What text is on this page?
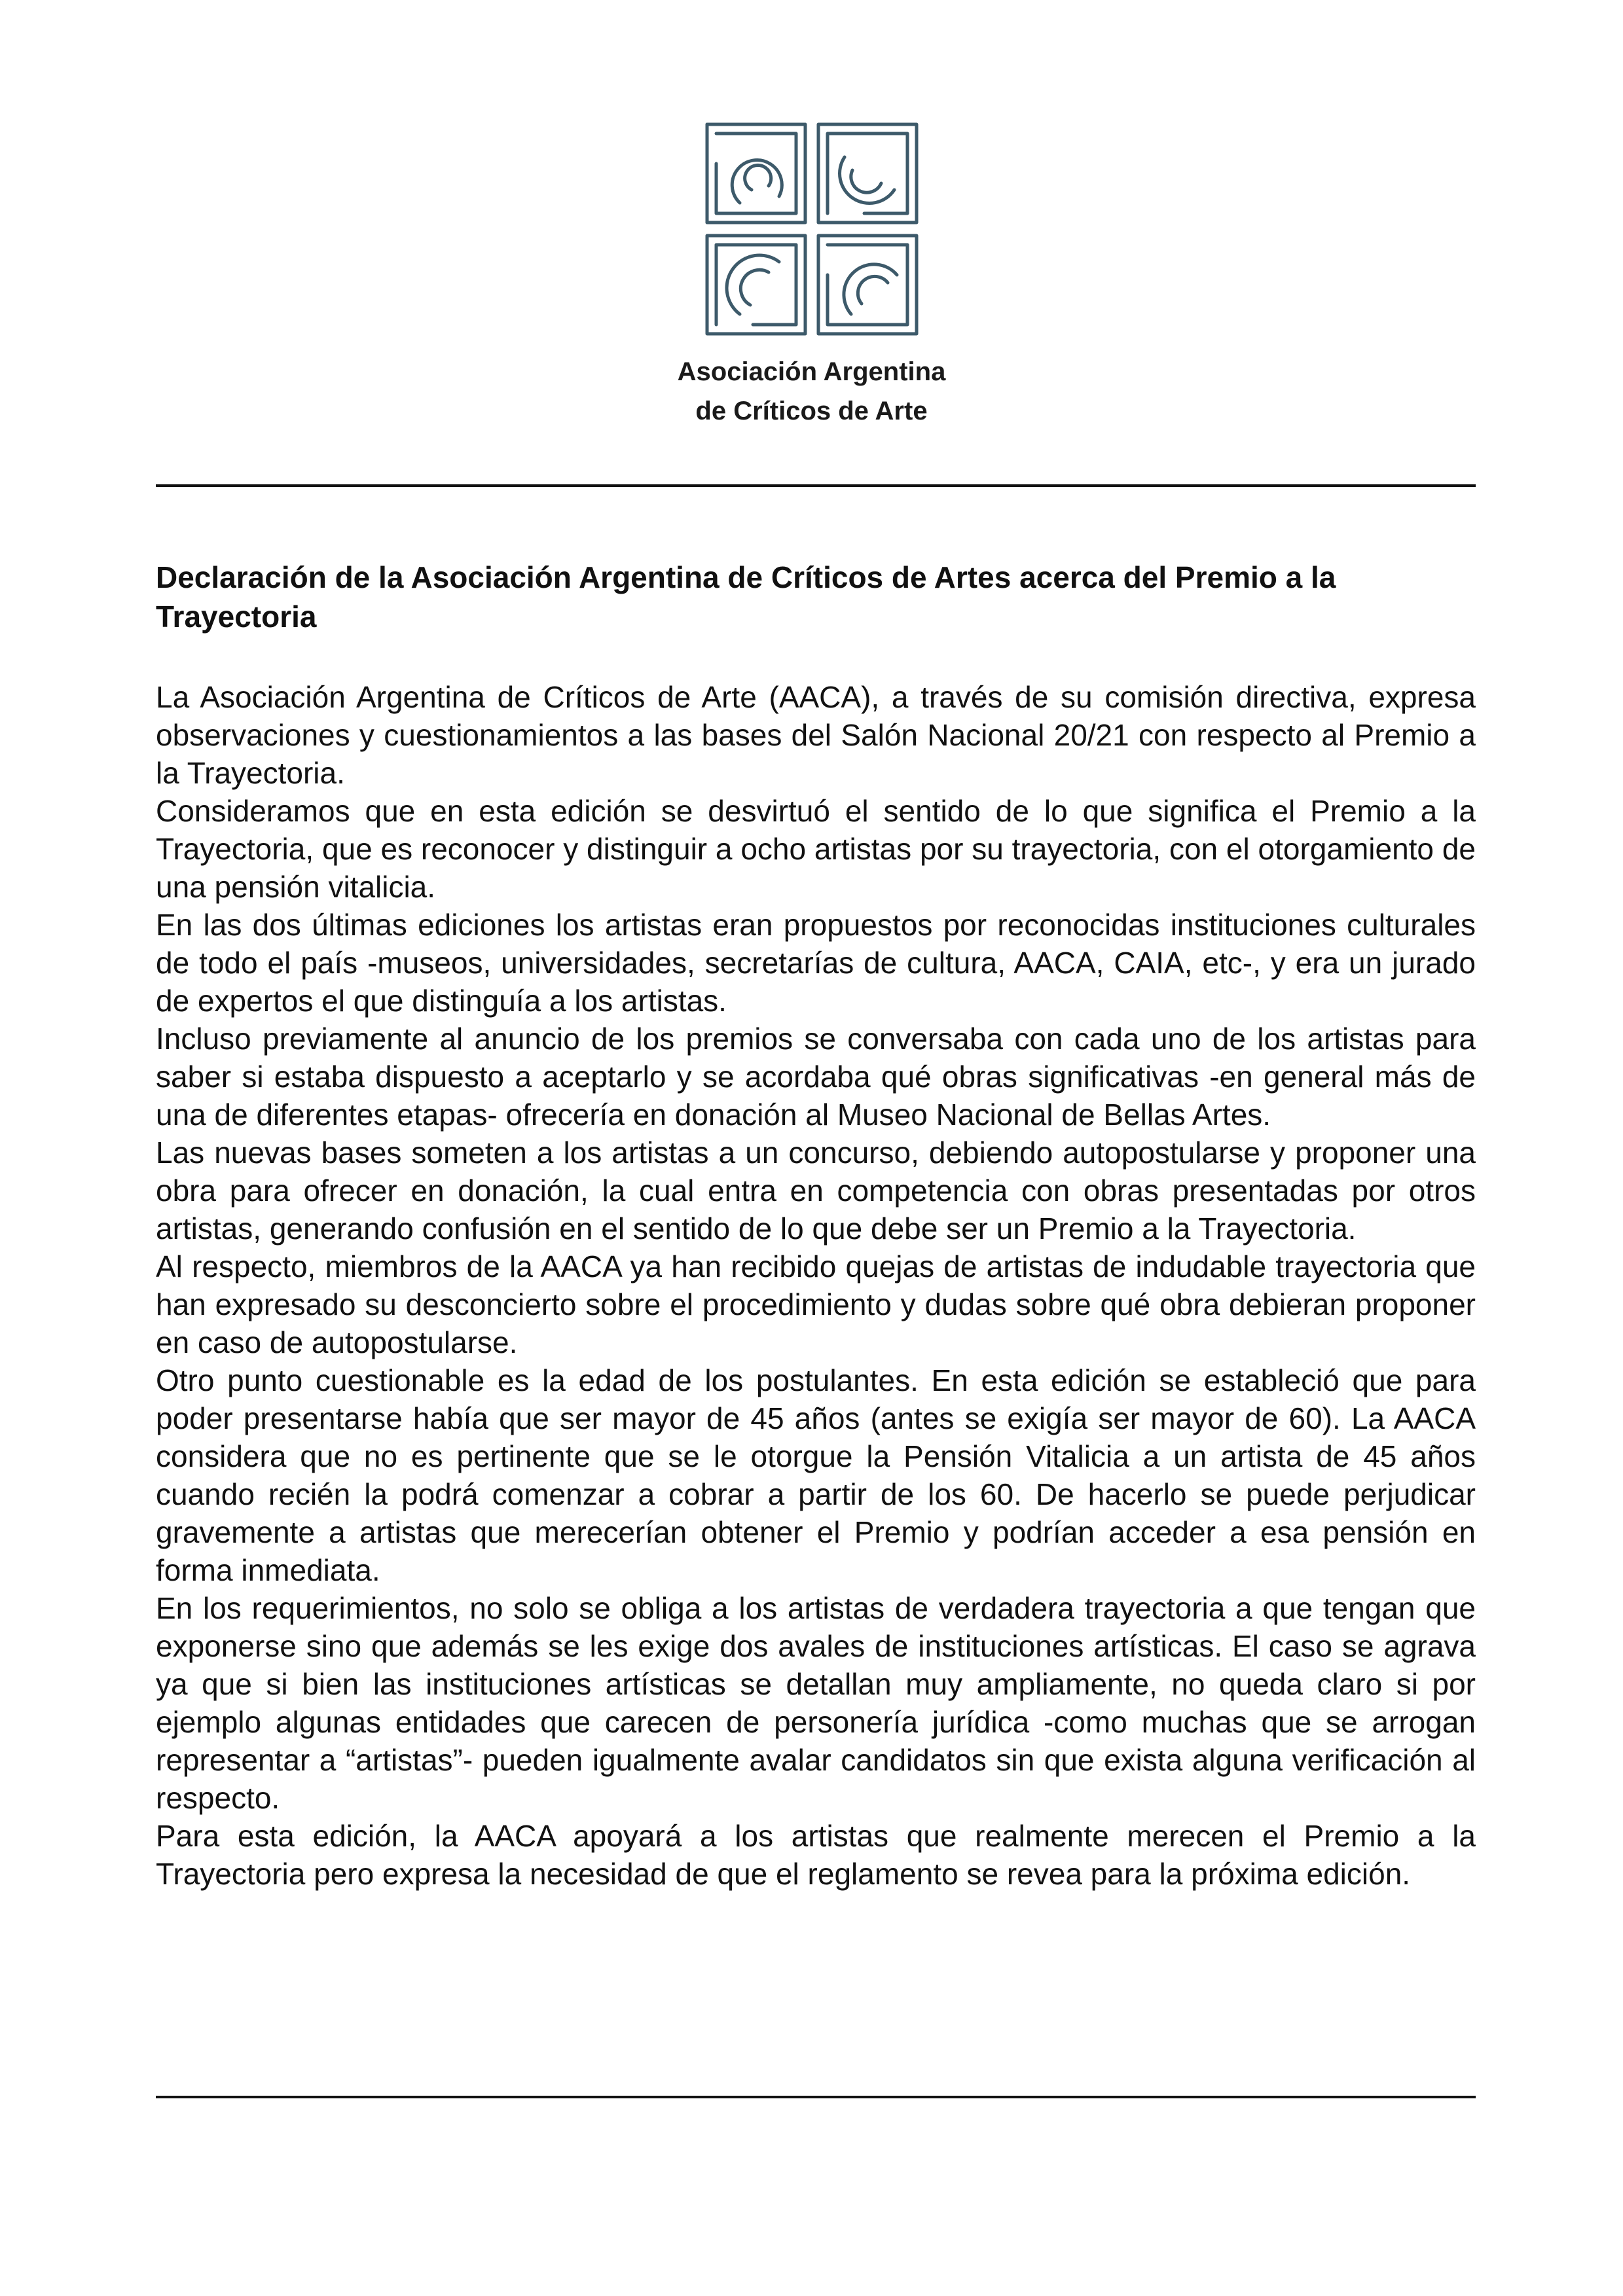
Asociación Argentina
de Críticos de Arte
Declaración de la Asociación Argentina de Críticos de Artes acerca del Premio a la Trayectoria

La Asociación Argentina de Críticos de Arte (AACA), a través de su comisión directiva, expresa observaciones y cuestionamientos a las bases del Salón Nacional 20/21 con respecto al Premio a la Trayectoria.

Consideramos que en esta edición se desvirtuó el sentido de lo que significa el Premio a la Trayectoria, que es reconocer y distinguir a ocho artistas por su trayectoria, con el otorgamiento de una pensión vitalicia.

En las dos últimas ediciones los artistas eran propuestos por reconocidas instituciones culturales de todo el país -museos, universidades, secretarías de cultura, AACA, CAIA, etc-, y era un jurado de expertos el que distinguía a los artistas.

Incluso previamente al anuncio de los premios se conversaba con cada uno de los artistas para saber si estaba dispuesto a aceptarlo y se acordaba qué obras significativas -en general más de una de diferentes etapas- ofrecería en donación al Museo Nacional de Bellas Artes.

Las nuevas bases someten a los artistas a un concurso, debiendo autopostularse y proponer una obra para ofrecer en donación, la cual entra en competencia con obras presentadas por otros artistas, generando confusión en el sentido de lo que debe ser un Premio a la Trayectoria.

Al respecto, miembros de la AACA ya han recibido quejas de artistas de indudable trayectoria que han expresado su desconcierto sobre el procedimiento y dudas sobre qué obra debieran proponer en caso de autopostularse.

Otro punto cuestionable es la edad de los postulantes. En esta edición se estableció que para poder presentarse había que ser mayor de 45 años (antes se exigía ser mayor de 60). La AACA considera que no es pertinente que se le otorgue la Pensión Vitalicia a un artista de 45 años cuando recién la podrá comenzar a cobrar a partir de los 60. De hacerlo se puede perjudicar gravemente a artistas que merecerían obtener el Premio y podrían acceder a esa pensión en forma inmediata.

En los requerimientos, no solo se obliga a los artistas de verdadera trayectoria a que tengan que exponerse sino que además se les exige dos avales de instituciones artísticas. El caso se agrava ya que si bien las instituciones artísticas se detallan muy ampliamente, no queda claro si por ejemplo algunas entidades que carecen de personería jurídica -como muchas que se arrogan representar a “artistas”- pueden igualmente avalar candidatos sin que exista alguna verificación al respecto.

Para esta edición, la AACA apoyará a los artistas que realmente merecen el Premio a la Trayectoria pero expresa la necesidad de que el reglamento se revea para la próxima edición.
